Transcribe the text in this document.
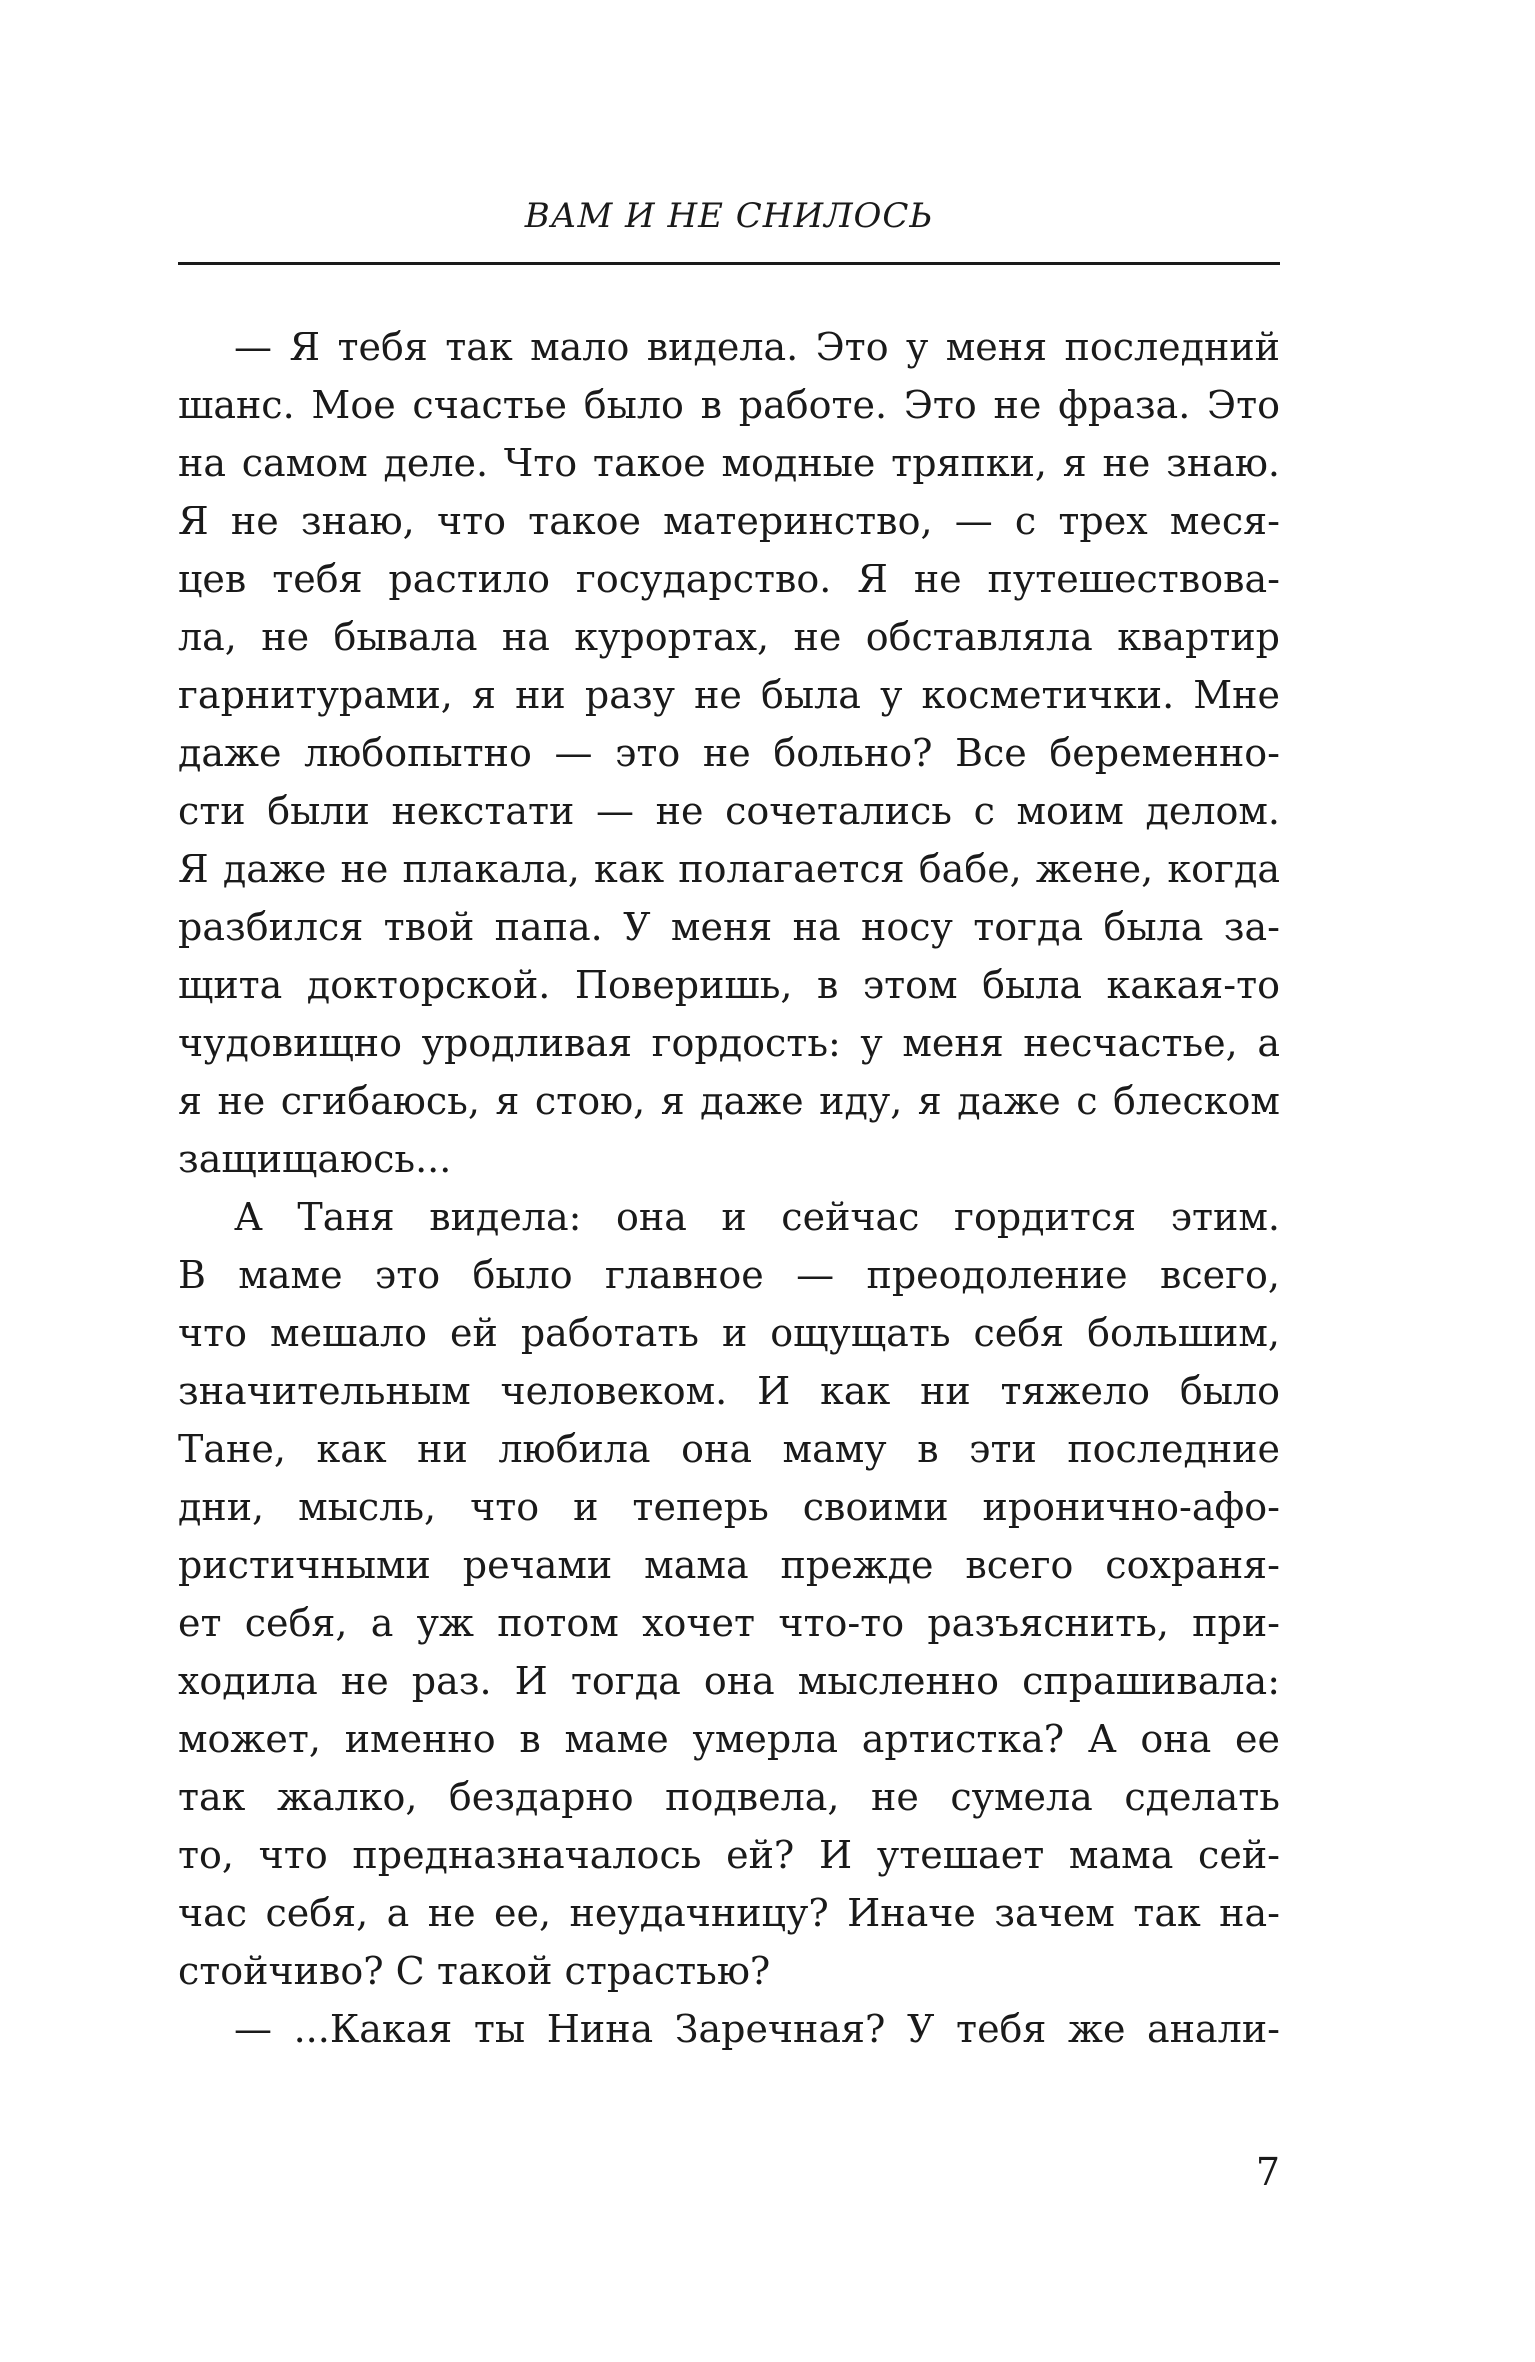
ВАМ И НЕ СНИЛОСЬ
— Я тебя так мало видела. Это у меня последний
шанс. Мое счастье было в работе. Это не фраза. Это
на самом деле. Что такое модные тряпки, я не знаю.
Я не знаю, что такое материнство, — с трех меся-
цев тебя растило государство. Я не путешествова-
ла, не бывала на курортах, не обставляла квартир
гарнитурами, я ни разу не была у косметички. Мне
даже любопытно — это не больно? Все беременно-
сти были некстати — не сочетались с моим делом.
Я даже не плакала, как полагается бабе, жене, когда
разбился твой папа. У меня на носу тогда была за-
щита докторской. Поверишь, в этом была какая-то
чудовищно уродливая гордость: у меня несчастье, а
я не сгибаюсь, я стою, я даже иду, я даже с блеском
защищаюсь...
А Таня видела: она и сейчас гордится этим.
В маме это было главное — преодоление всего,
что мешало ей работать и ощущать себя большим,
значительным человеком. И как ни тяжело было
Тане, как ни любила она маму в эти последние
дни, мысль, что и теперь своими иронично-афо-
ристичными речами мама прежде всего сохраня-
ет себя, а уж потом хочет что-то разъяснить, при-
ходила не раз. И тогда она мысленно спрашивала:
может, именно в маме умерла артистка? А она ее
так жалко, бездарно подвела, не сумела сделать
то, что предназначалось ей? И утешает мама сей-
час себя, а не ее, неудачницу? Иначе зачем так на-
стойчиво? С такой страстью?
— ...Какая ты Нина Заречная? У тебя же анали-
7
